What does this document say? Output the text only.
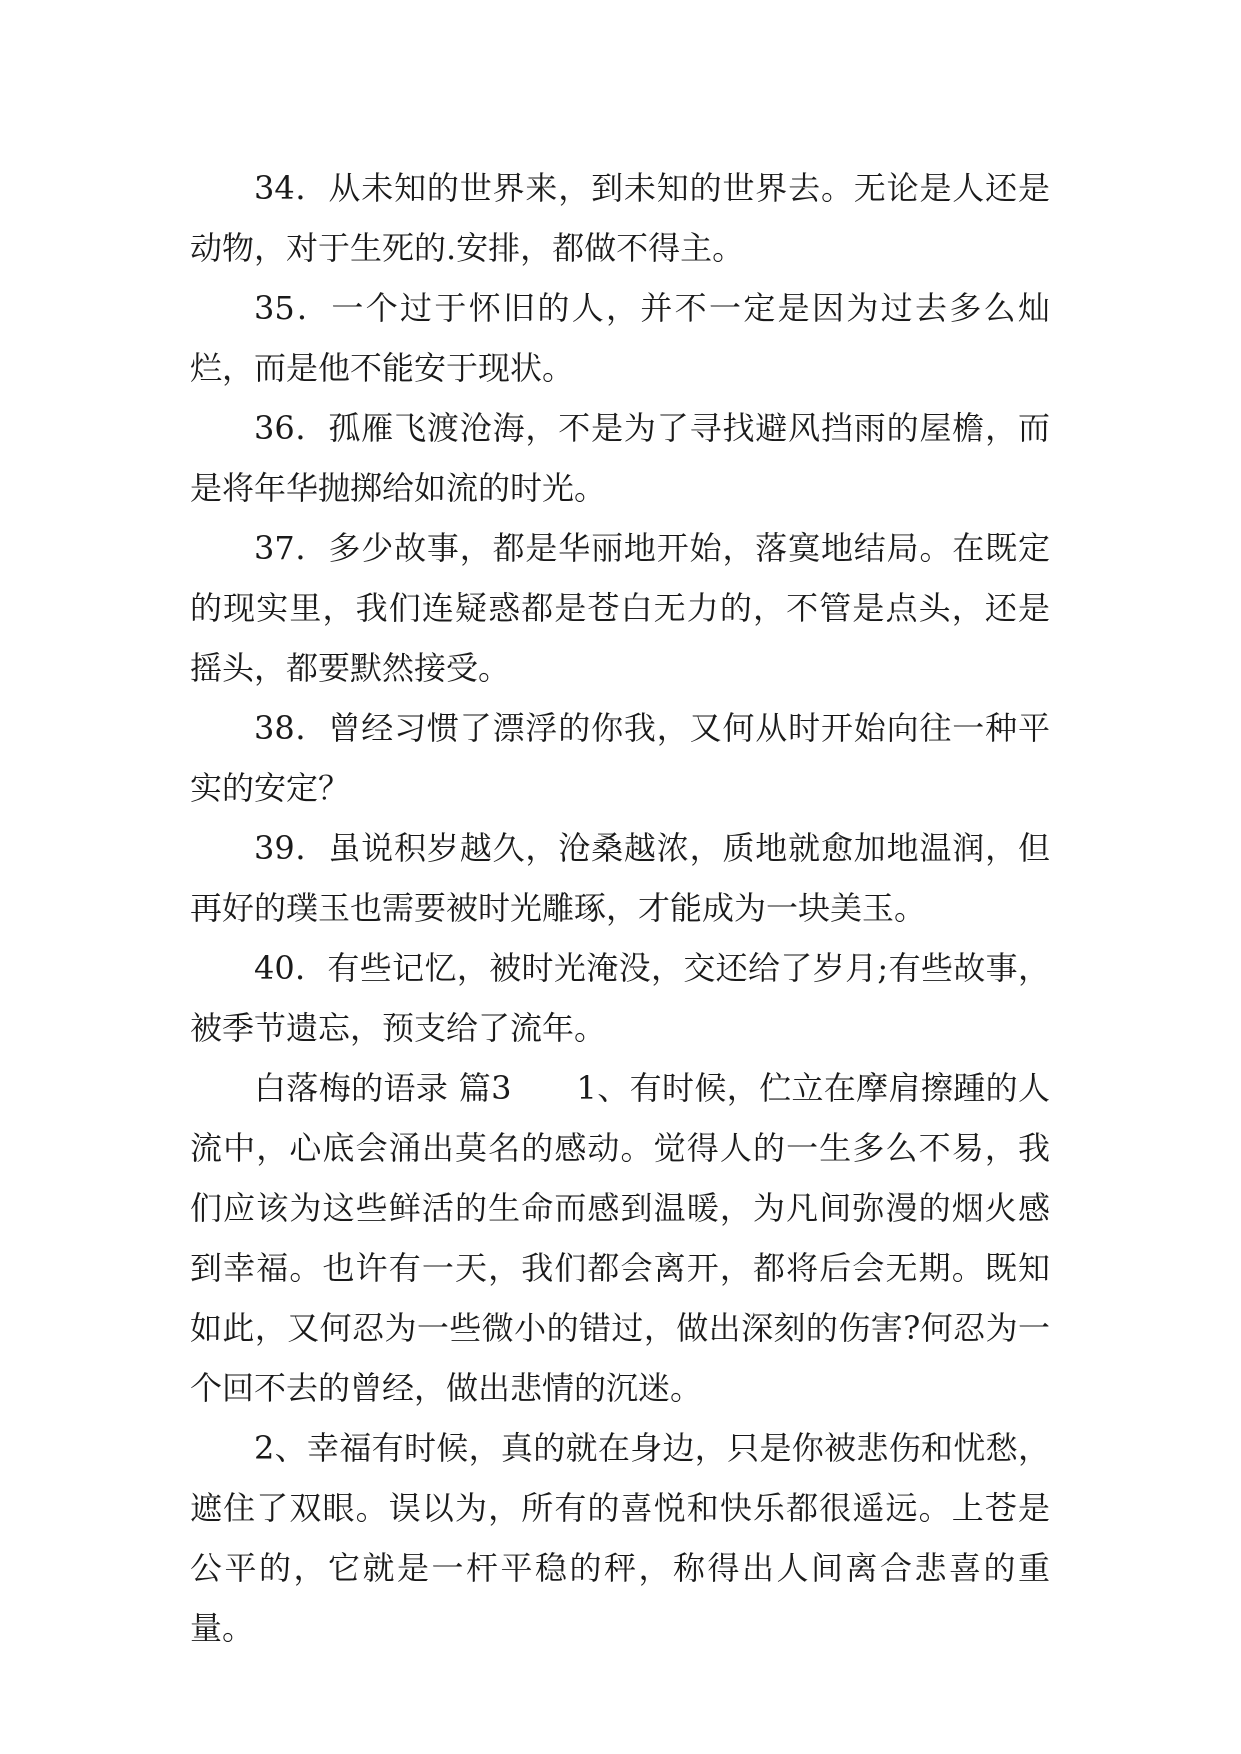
34．从未知的世界来，到未知的世界去。无论是人还是动物，对于生死的.安排，都做不得主。

35．一个过于怀旧的人，并不一定是因为过去多么灿烂，而是他不能安于现状。

36．孤雁飞渡沧海，不是为了寻找避风挡雨的屋檐，而是将年华抛掷给如流的时光。

37．多少故事，都是华丽地开始，落寞地结局。在既定的现实里，我们连疑惑都是苍白无力的，不管是点头，还是摇头，都要默然接受。

38．曾经习惯了漂浮的你我，又何从时开始向往一种平实的安定？

39．虽说积岁越久，沧桑越浓，质地就愈加地温润，但再好的璞玉也需要被时光雕琢，才能成为一块美玉。

40．有些记忆，被时光淹没，交还给了岁月;有些故事，被季节遗忘，预支给了流年。

白落梅的语录 篇3　　1、有时候，伫立在摩肩擦踵的人流中，心底会涌出莫名的感动。觉得人的一生多么不易，我们应该为这些鲜活的生命而感到温暖，为凡间弥漫的烟火感到幸福。也许有一天，我们都会离开，都将后会无期。既知如此，又何忍为一些微小的错过，做出深刻的伤害?何忍为一个回不去的曾经，做出悲情的沉迷。

2、幸福有时候，真的就在身边，只是你被悲伤和忧愁，遮住了双眼。误以为，所有的喜悦和快乐都很遥远。上苍是公平的，它就是一杆平稳的秤，称得出人间离合悲喜的重量。
